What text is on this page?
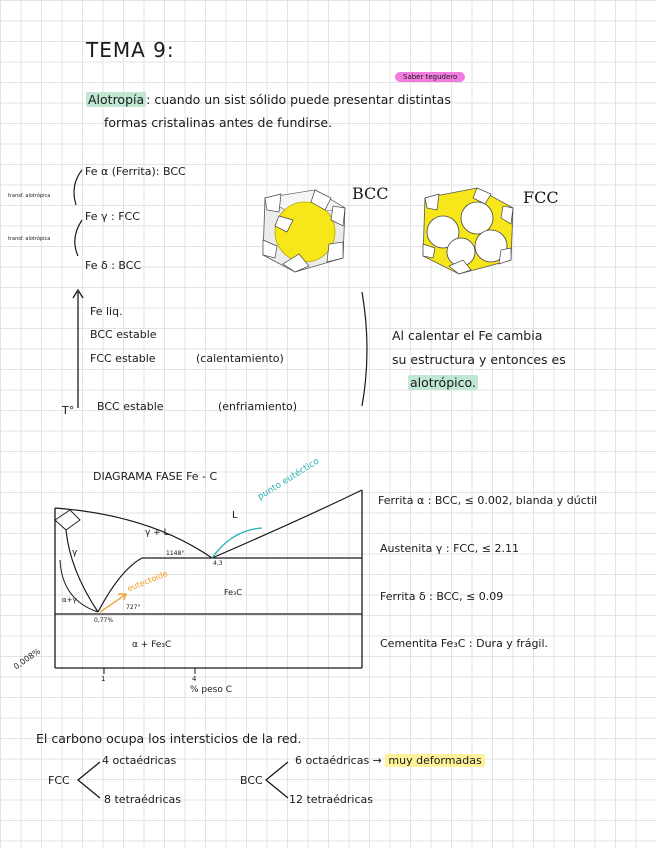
TEMA 9:
Saber tegudero
Alotropía : cuando un sist sólido puede presentar distintas
formas cristalinas antes de fundirse.
Fe α (Ferrita): BCC
Fe γ : FCC
Fe δ : BCC
transf. alotrópica
transf. alotrópica
BCC	FCC
Fe liq.
BCC estable
FCC estable	(calentamiento)
BCC estable	(enfriamiento)
T°
Al calentar el Fe cambia
su estructura y entonces es
alotrópico.
DIAGRAMA FASE Fe - C
L
γ + L
γ
α+γ
Fe₃C
α + Fe₃C
punto eutéctico
eutectoide
1148°
727°
4,3
0,77%
0,008%
1	4
% peso C
Ferrita α : BCC, ≤ 0.002, blanda y dúctil
Austenita γ : FCC, ≤ 2.11
Ferrita δ : BCC, ≤ 0.09
Cementita Fe₃C : Dura y frágil.
El carbono ocupa los intersticios de la red.
FCC
4 octaédricas
8 tetraédricas
BCC
6 octaédricas → muy deformadas
12 tetraédricas
